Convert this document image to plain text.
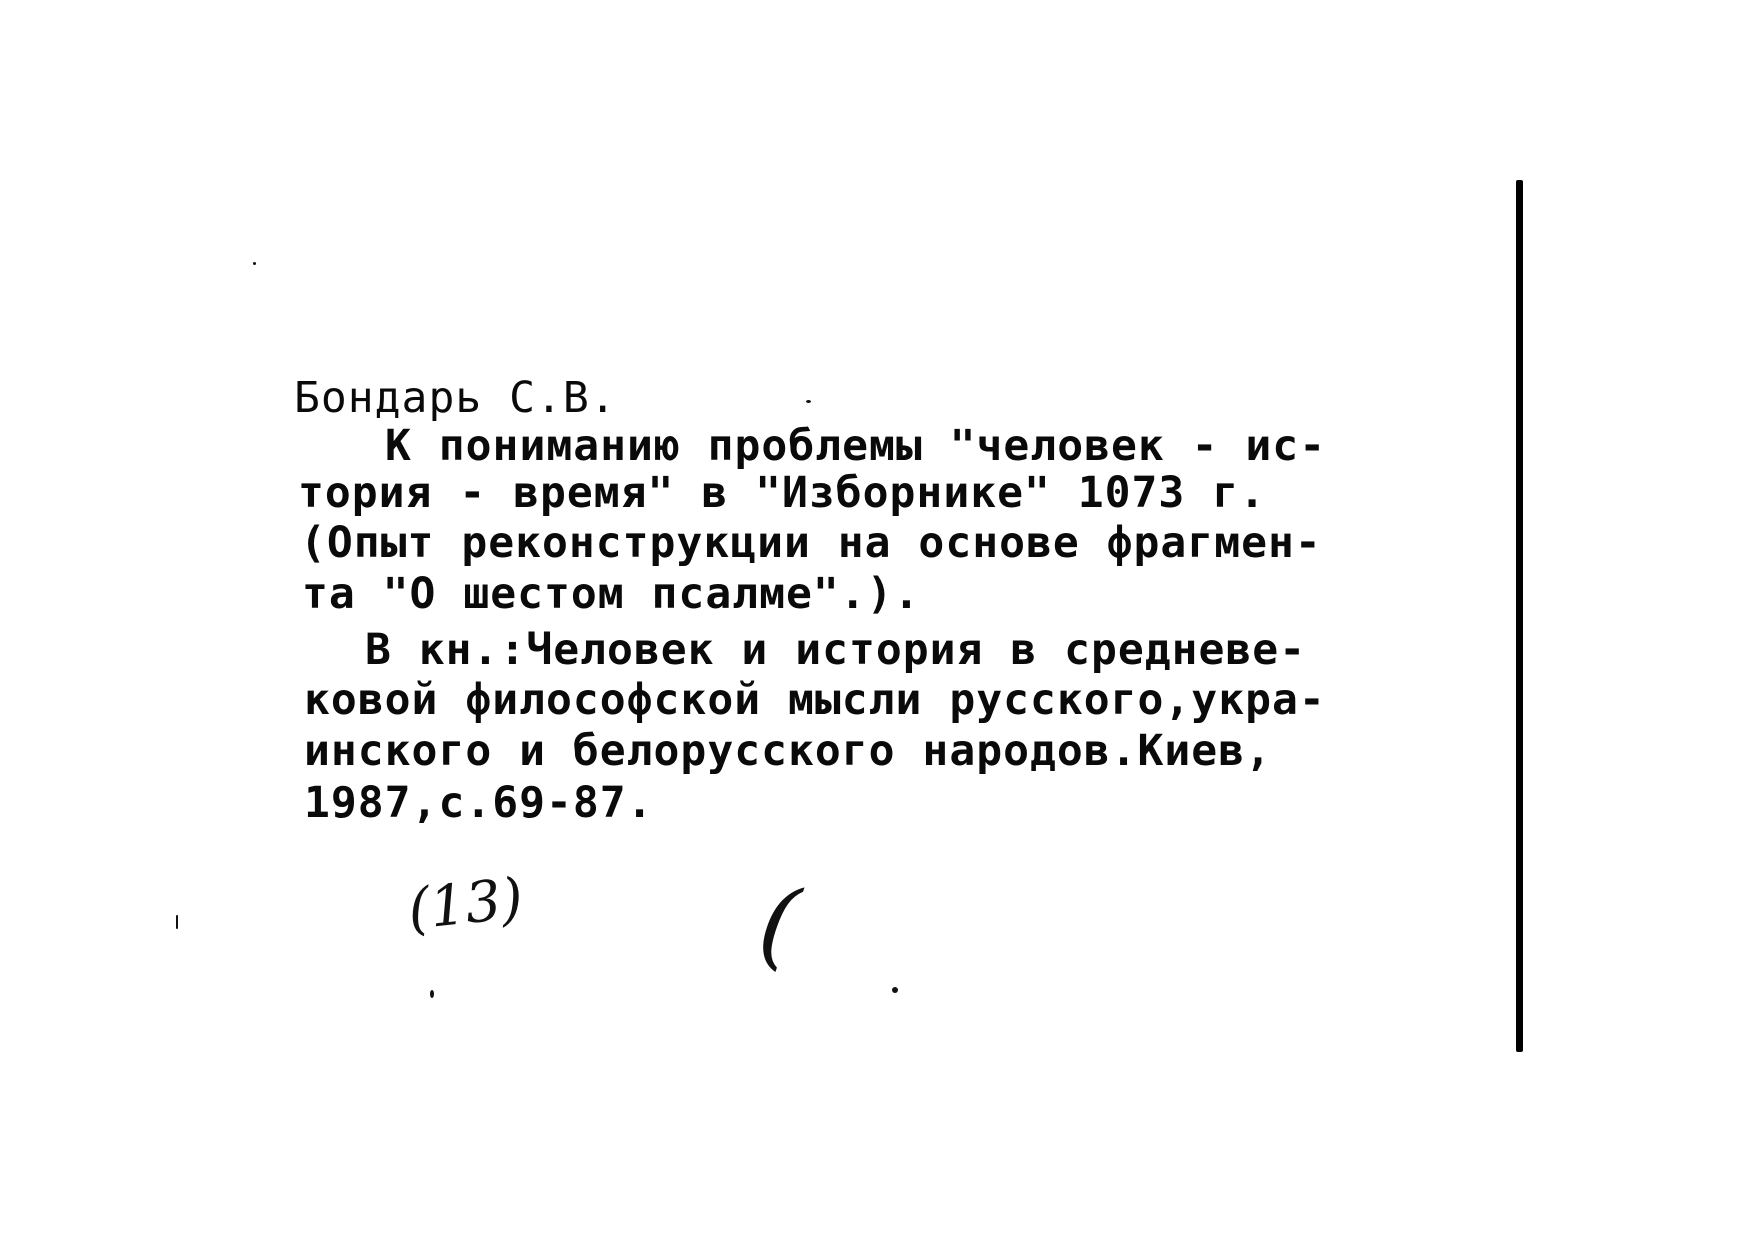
Бондарь С.В.
К пониманию проблемы "человек - ис-
тория - время" в "Изборнике" 1073 г.
(Опыт реконструкции на основе фрагмен-
та "О шестом псалме".).
В кн.:Человек и история в средневе-
ковой философской мысли русского,укра-
инского и белорусского народов.Киев,
1987,с.69-87.
(13) (
